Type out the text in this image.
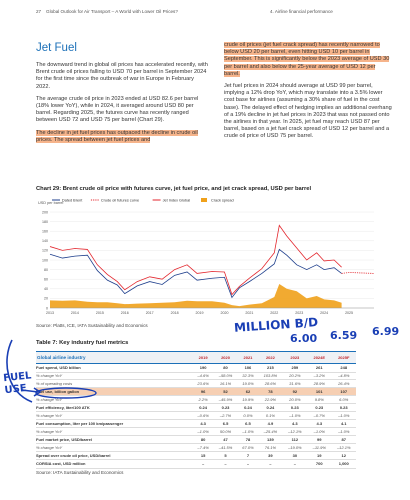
27 Global Outlook for Air Transport – A World with Lower Oil Prices?	4. Airline financial performance
Jet Fuel

The downward trend in global oil prices has accelerated recently, with Brent crude oil prices falling to USD 70 per barrel in September 2024 for the first time since the outbreak of war in Europe in February 2022.

The average crude oil price in 2023 ended at USD 82.6 per barrel (18% lower YoY), while in 2024, it averaged around USD 80 per barrel. Regarding 2025, the futures curve has recently ranged between USD 72 and USD 75 per barrel (Chart 29).

The decline in jet fuel prices has outpaced the decline in crude oil prices. The spread between jet fuel prices and

crude oil prices (jet fuel crack spread) has recently narrowed to below USD 20 per barrel, even hitting USD 10 per barrel in September. This is significantly below the 2023 average of USD 30 per barrel and also below the 25-year average of USD 12 per barrel.

Jet fuel prices in 2024 should average at USD 99 per barrel, implying a 12% drop YoY, which may translate into a 3.5% lower cost base for airlines (assuming a 30% share of fuel in the cost base). The delayed effect of hedging implies an additional overhang of a 19% decline in jet fuel prices in 2023 that was not passed onto the airlines in that year. In 2025, jet fuel may reach USD 87 per barrel, based on a jet fuel crack spread of USD 12 per barrel and a crude oil price of USD 75 per barrel.

Chart 29: Brent crude oil price with futures curve, jet fuel price, and jet crack spread, USD per barrel
USD per barrel
0
20
40
60
80
100
120
140
160
180
200
2013	2014	2015	2016	2017	2018	2019	2020	2021	2022	2023	2024	2025
Dated Brent	Crude oil futures curve	Jet Index Global	Crack spread
Source: Platts, ICE, IATA Sustainability and Economics
Table 7: Key industry fuel metrics
Global airline industry	2019	2020	2021	2022	2023	2024E	2025F
Fuel spend, USD billion	190	80	106	215	259	261	248
% change YoY	–4.6%	–58.0%	32.3%	103.8%	20.2%	–3.2%	–4.8%
% of operating costs	23.6%	16.1%	19.0%	28.6%	31.6%	28.9%	26.4%
Fuel use, billion gallon	96	52	62	78	92	101	107
% change YoY	2.2%	–45.9%	19.9%	22.9%	20.0%	9.8%	6.0%
Fuel efficiency, liter/100 ATK	0.24	0.23	0.24	0.24	0.23	0.23	0.23
% change YoY	–0.6%	–2.7%	0.0%	0.1%	–1.0%	–0.7%	–1.0%
Fuel consumption, liter per 100 km/passenger	4.3	6.5	6.5	4.9	4.3	4.3	4.1
% change YoY	–1.0%	50.0%	–1.0%	–25.4%	–12.1%	–1.0%	–1.0%
Fuel market price, USD/barrel	80	47	78	139	112	99	87
% change YoY	–7.4%	–41.5%	67.0%	76.1%	–19.0%	–11.9%	–12.1%
Spread over crude oil price, USD/barrel	15	5	7	39	30	19	12
CORSIA cost, USD million	–	–	–	–	–	700	1,000
Source: IATA Sustainability and Economics
MILLION B/D
6.00 6.59 6.99
FUEL USE
